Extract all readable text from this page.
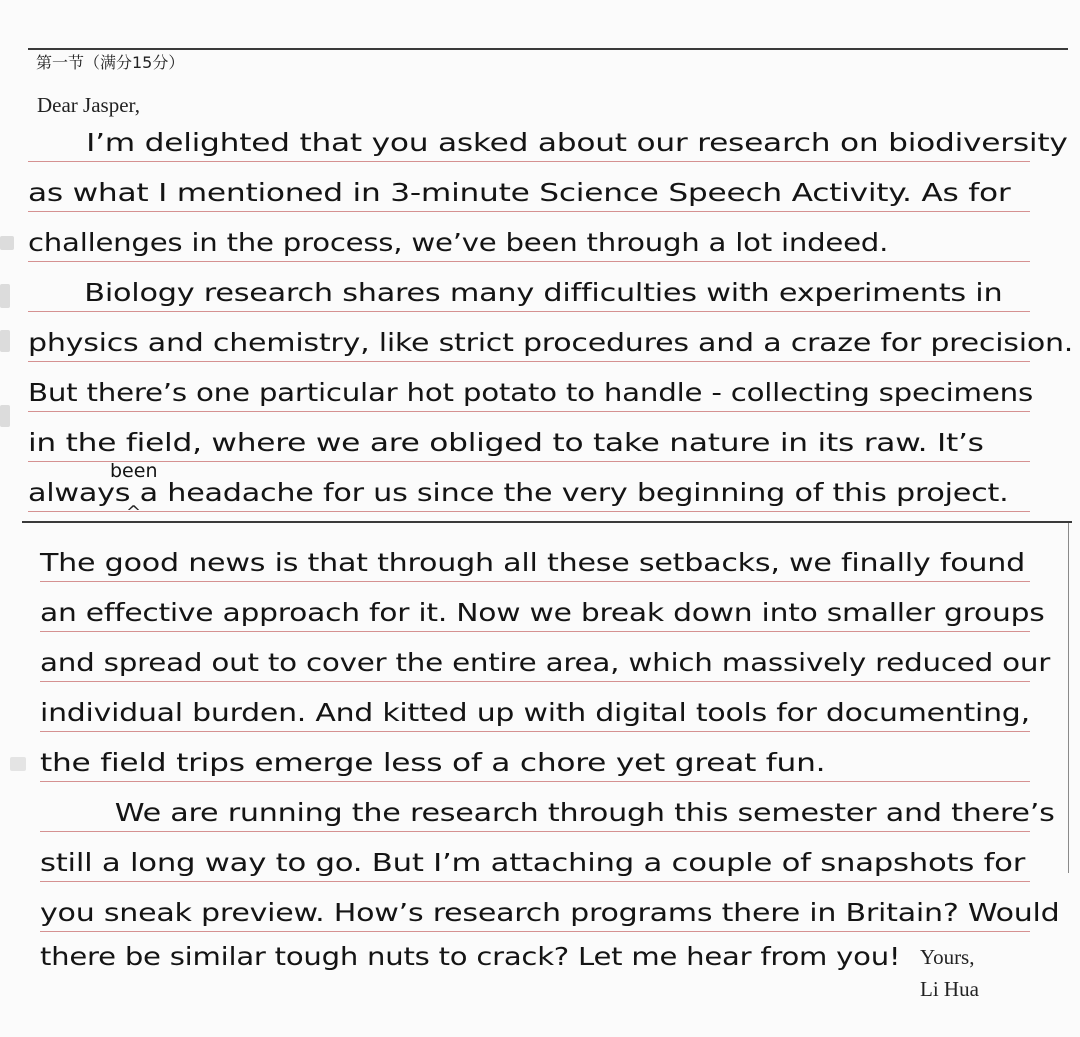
第一节（满分15分）
Dear Jasper,
I’m delighted that you asked about our research on biodiversity
as what I mentioned in 3-minute Science Speech Activity. As for
challenges in the process, we’ve been through a lot indeed.
Biology research shares many difficulties with experiments in
physics and chemistry, like strict procedures and a craze for precision.
But there’s one particular hot potato to handle - collecting specimens
in the field, where we are obliged to take nature in its raw. It’s
always a headache for us since the very beginning of this project.
The good news is that through all these setbacks, we finally found
an effective approach for it. Now we break down into smaller groups
and spread out to cover the entire area, which massively reduced our
individual burden. And kitted up with digital tools for documenting,
the field trips emerge less of a chore yet great fun.
We are running the research through this semester and there’s
still a long way to go. But I’m attaching a couple of snapshots for
you sneak preview. How’s research programs there in Britain? Would
there be similar tough nuts to crack? Let me hear from you!
been
^
Yours,
Li Hua
